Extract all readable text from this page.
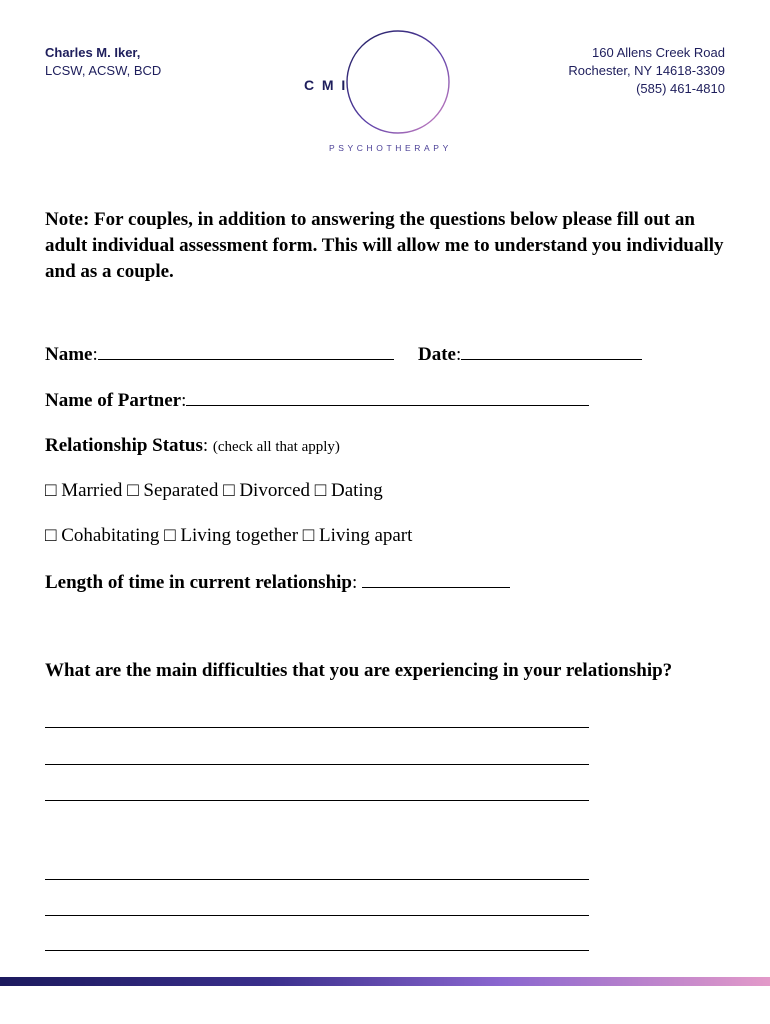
Charles M. Iker,
LCSW, ACSW, BCD
C  M  I
PSYCHOTHERAPY
160 Allens Creek Road
Rochester, NY 14618-3309
(585) 461-4810
Note: For couples, in addition to answering the questions below please fill out an adult individual assessment form. This will allow me to understand you individually and as a couple.
Name:	Date:
Name of Partner:
Relationship Status: (check all that apply)
□ Married □ Separated □ Divorced □ Dating
□ Cohabitating □ Living together □ Living apart
Length of time in current relationship:
What are the main difficulties that you are experiencing in your relationship?
